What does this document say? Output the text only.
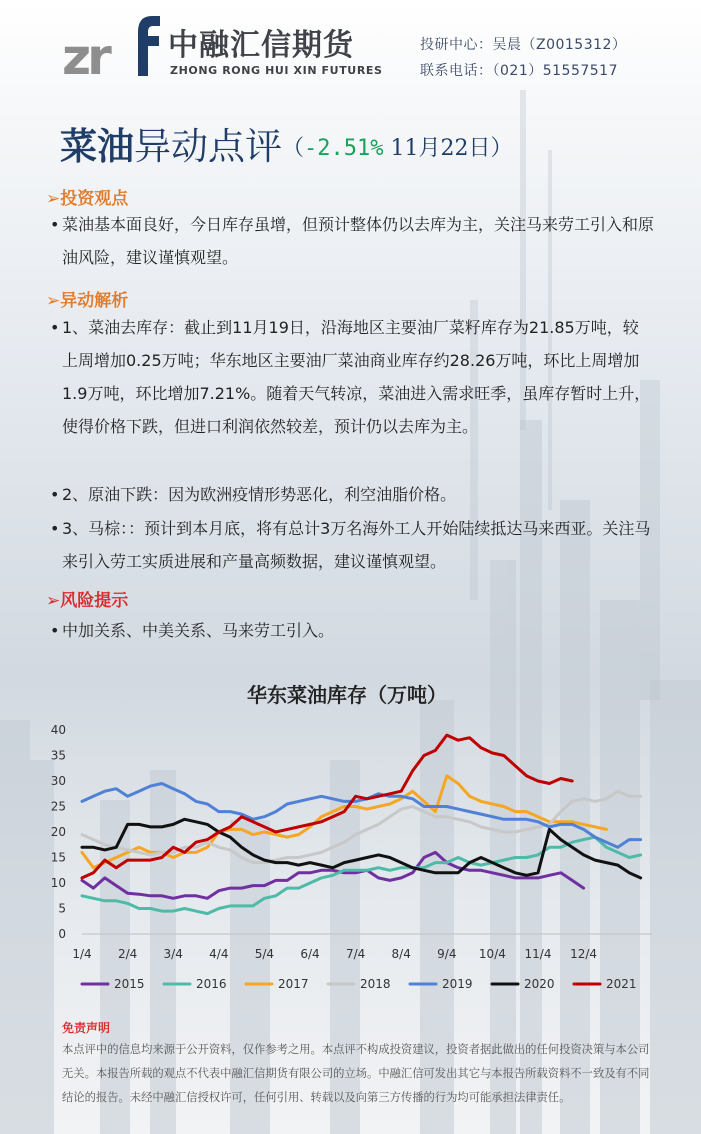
zr 中融汇信期货
ZHONG RONG HUI XIN FUTURES
投研中心：吴晨（Z0015312）
联系电话：（021）51557517
菜油异动点评（-2.51% 11月22日）
➢投资观点
• 菜油基本面良好，今日库存虽增，但预计整体仍以去库为主，关注马来劳工引入和原油风险，建议谨慎观望。
➢异动解析
• 1、菜油去库存：截止到11月19日，沿海地区主要油厂菜籽库存为21.85万吨，较上周增加0.25万吨；华东地区主要油厂菜油商业库存约28.26万吨，环比上周增加1.9万吨，环比增加7.21%。随着天气转凉，菜油进入需求旺季，虽库存暂时上升，使得价格下跌，但进口利润依然较差，预计仍以去库为主。
• 2、原油下跌：因为欧洲疫情形势恶化，利空油脂价格。
• 3、马棕：：预计到本月底，将有总计3万名海外工人开始陆续抵达马来西亚。关注马来引入劳工实质进展和产量高频数据，建议谨慎观望。
➢风险提示
• 中加关系、中美关系、马来劳工引入。
华东菜油库存（万吨）
0
5
10
15
20
25
30
35
40
1/4 2/4 3/4 4/4 5/4 6/4 7/4 8/4 9/4 10/4 11/4 12/4
2015	2016	2017	2018	2019	2020	2021
免责声明
本点评中的信息均来源于公开资料，仅作参考之用。本点评不构成投资建议，投资者据此做出的任何投资决策与本公司无关。本报告所载的观点不代表中融汇信期货有限公司的立场。中融汇信可发出其它与本报告所载资料不一致及有不同结论的报告。未经中融汇信授权许可，任何引用、转载以及向第三方传播的行为均可能承担法律责任。
